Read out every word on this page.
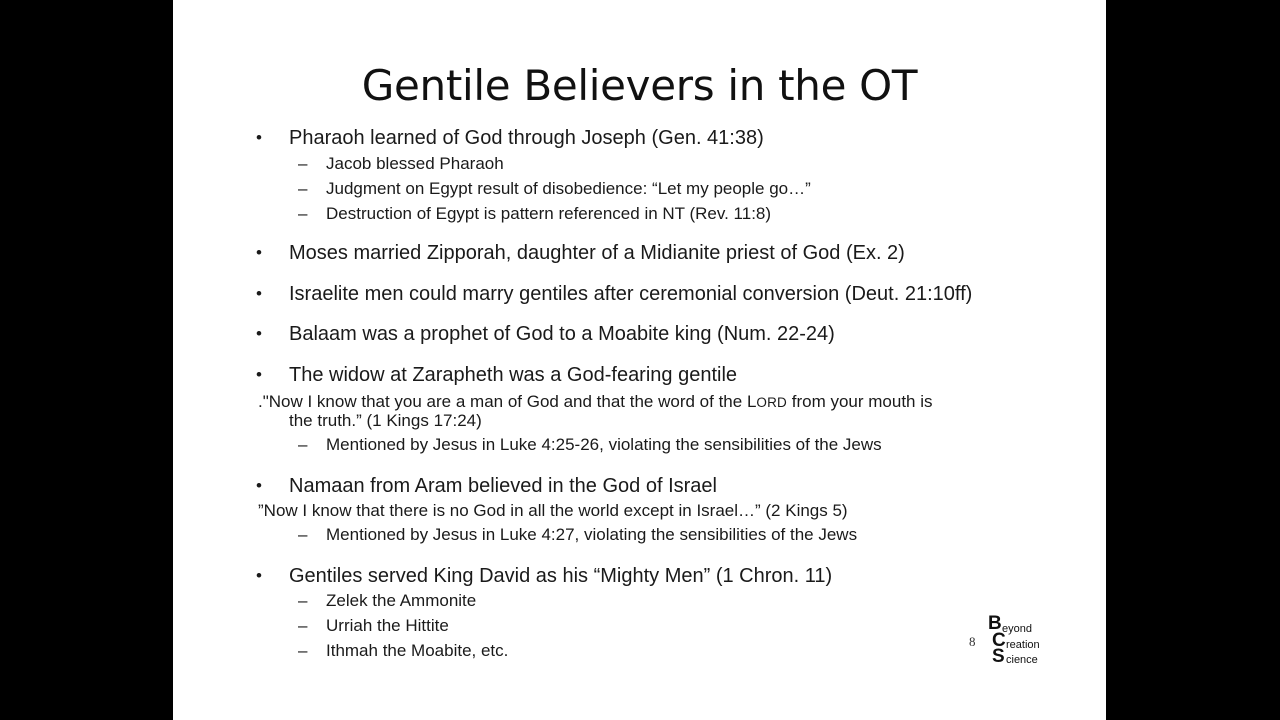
Gentile Believers in the OT
• Pharaoh learned of God through Joseph (Gen. 41:38)
– Jacob blessed Pharaoh
– Judgment on Egypt result of disobedience: “Let my people go…”
– Destruction of Egypt is pattern referenced in NT (Rev. 11:8)
• Moses married Zipporah, daughter of a Midianite priest of God (Ex. 2)
• Israelite men could marry gentiles after ceremonial conversion (Deut. 21:10ff)
• Balaam was a prophet of God to a Moabite king (Num. 22-24)
• The widow at Zarapheth was a God-fearing gentile
."Now I know that you are a man of God and that the word of the LORD from your mouth is
the truth.” (1 Kings 17:24)
– Mentioned by Jesus in Luke 4:25-26, violating the sensibilities of the Jews
• Namaan from Aram believed in the God of Israel
”Now I know that there is no God in all the world except in Israel…” (2 Kings 5)
– Mentioned by Jesus in Luke 4:27, violating the sensibilities of the Jews
• Gentiles served King David as his “Mighty Men” (1 Chron. 11)
– Zelek the Ammonite
– Urriah the Hittite
– Ithmah the Moabite, etc.	8
B eyond
C reation
S cience
